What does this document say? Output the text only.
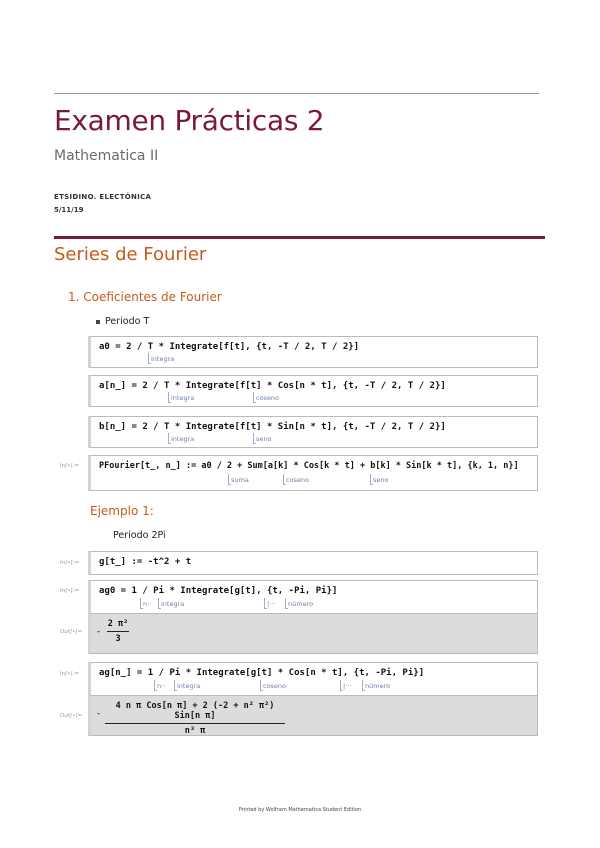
Examen Prácticas 2
Mathematica II
ETSIDINO. ELECTÓNICA
5/11/19
Series de Fourier
1. Coeficientes de Fourier
Periodo T
a0 = 2 / T * Integrate[f[t], {t, -T / 2, T / 2}]
integra
a[n_] = 2 / T * Integrate[f[t] * Cos[n * t], {t, -T / 2, T / 2}]
integra	coseno
b[n_] = 2 / T * Integrate[f[t] * Sin[n * t], {t, -T / 2, T / 2}]
integra	seno
In[•]:= PFourier[t_, n_] := a0 / 2 + Sum[a[k] * Cos[k * t] + b[k] * Sin[k * t], {k, 1, n}]
suma	coseno	seno
Ejemplo 1:
Periodo 2Pi
In[•]:= g[t_] := -t^2 + t
In[•]:= ag0 = 1 / Pi * Integrate[g[t], {t, -Pi, Pi}]
n·· integra	|··· número
Out[•]= -
2 π²
3
In[•]:= ag[n_] = 1 / Pi * Integrate[g[t] * Cos[n * t], {t, -Pi, Pi}]
n·· integra	coseno	|··· número
Out[•]= -
4 n π Cos[n π] + 2 (-2 + n² π²) Sin[n π]
n³ π
Printed by Wolfram Mathematica Student Edition
